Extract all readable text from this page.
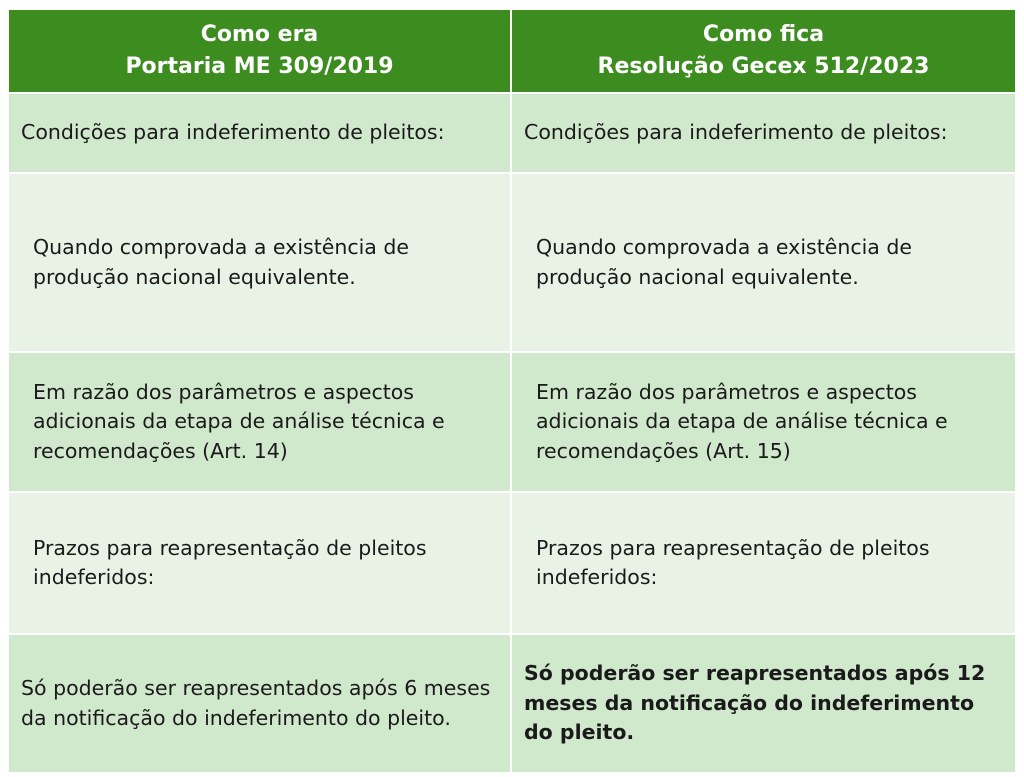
Como era
Portaria ME 309/2019
Como fica
Resolução Gecex 512/2023
Condições para indeferimento de pleitos:	Condições para indeferimento de pleitos:
Quando comprovada a existência de produção nacional equivalente.
Quando comprovada a existência de produção nacional equivalente.
Em razão dos parâmetros e aspectos adicionais da etapa de análise técnica e recomendações (Art. 14)
Em razão dos parâmetros e aspectos adicionais da etapa de análise técnica e recomendações (Art. 15)
Prazos para reapresentação de pleitos indeferidos:
Prazos para reapresentação de pleitos indeferidos:
Só poderão ser reapresentados após 6 meses da notificação do indeferimento do pleito.
Só poderão ser reapresentados após 12 meses da notificação do indeferimento do pleito.
